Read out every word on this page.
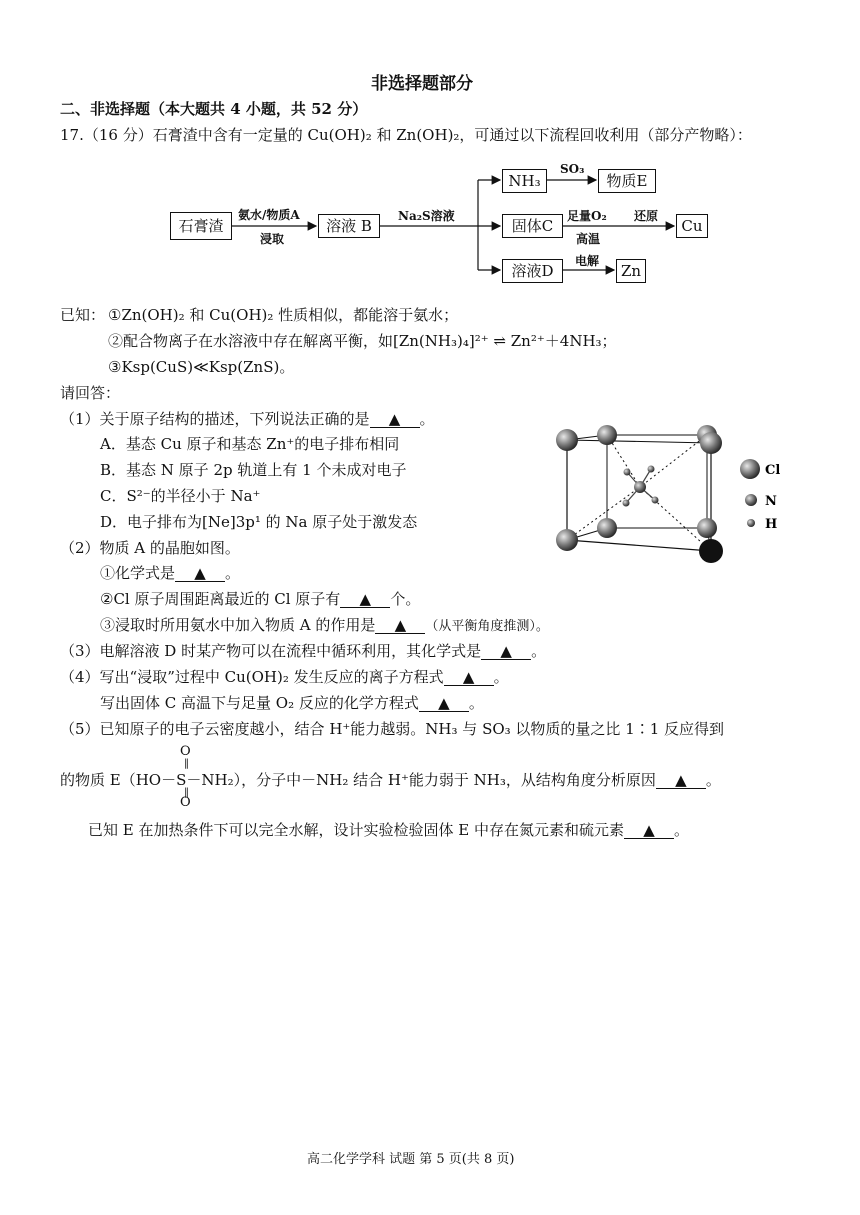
非选择题部分
二、非选择题（本大题共 4 小题，共 52 分）
17.（16 分）石膏渣中含有一定量的 Cu(OH)₂ 和 Zn(OH)₂，可通过以下流程回收利用（部分产物略）：
石膏渣	溶液 B
NH₃	物质E
固体C	Cu
溶液D	Zn
氨水/物质A
浸取
Na₂S溶液
SO₃
足量O₂
高温
还原
电解
已知： ①Zn(OH)₂ 和 Cu(OH)₂ 性质相似，都能溶于氨水；
②配合物离子在水溶液中存在解离平衡，如[Zn(NH₃)₄]²⁺ ⇌ Zn²⁺＋4NH₃；
③Ksp(CuS)≪Ksp(ZnS)。
请回答：
（1）关于原子结构的描述，下列说法正确的是 ▲ 。
A．基态 Cu 原子和基态 Zn⁺的电子排布相同
B．基态 N 原子 2p 轨道上有 1 个未成对电子
C．S²⁻的半径小于 Na⁺
D．电子排布为[Ne]3p¹ 的 Na 原子处于激发态
Cl
N
H
（2）物质 A 的晶胞如图。
①化学式是 ▲ 。
②Cl 原子周围距离最近的 Cl 原子有 ▲ 个。
③浸取时所用氨水中加入物质 A 的作用是 ▲ （从平衡角度推测）。
（3）电解溶液 D 时某产物可以在流程中循环利用，其化学式是 ▲ 。
（4）写出“浸取”过程中 Cu(OH)₂ 发生反应的离子方程式 ▲ 。
写出固体 C 高温下与足量 O₂ 反应的化学方程式 ▲ 。
（5）已知原子的电子云密度越小，结合 H⁺能力越弱。NH₃ 与 SO₃ 以物质的量之比 1∶1 反应得到
O
‖
的物质 E（HO－S－NH₂），分子中－NH₂ 结合 H⁺能力弱于 NH₃，从结构角度分析原因 ▲ 。
‖
O
已知 E 在加热条件下可以完全水解，设计实验检验固体 E 中存在氮元素和硫元素 ▲ 。
高二化学学科 试题 第 5 页(共 8 页)
